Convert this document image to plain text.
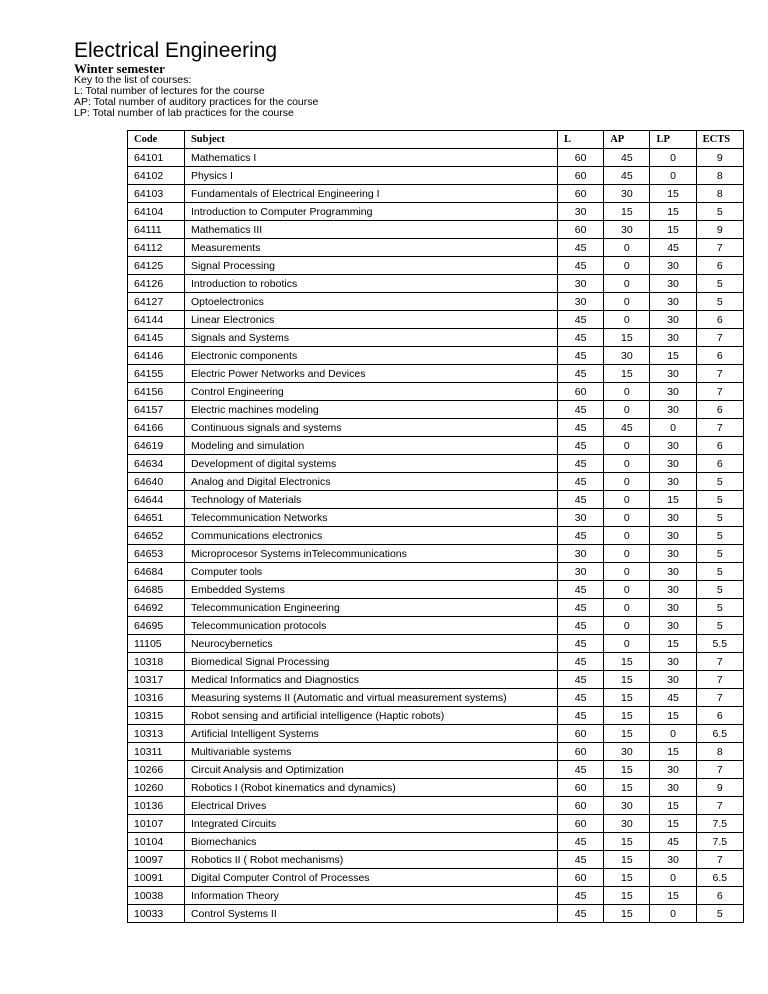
Electrical Engineering
Winter semester
Key to the list of courses:
L: Total number of lectures for the course
AP: Total number of auditory practices for the course
LP: Total number of lab practices for the course
Code	Subject	L	AP	LP	ECTS
64101	Mathematics I	60	45	0	9
64102	Physics I	60	45	0	8
64103	Fundamentals of Electrical Engineering I	60	30	15	8
64104	Introduction to Computer Programming	30	15	15	5
64111	Mathematics III	60	30	15	9
64112	Measurements	45	0	45	7
64125	Signal Processing	45	0	30	6
64126	Introduction to robotics	30	0	30	5
64127	Optoelectronics	30	0	30	5
64144	Linear Electronics	45	0	30	6
64145	Signals and Systems	45	15	30	7
64146	Electronic components	45	30	15	6
64155	Electric Power Networks and Devices	45	15	30	7
64156	Control Engineering	60	0	30	7
64157	Electric machines modeling	45	0	30	6
64166	Continuous signals and systems	45	45	0	7
64619	Modeling and simulation	45	0	30	6
64634	Development of digital systems	45	0	30	6
64640	Analog and Digital Electronics	45	0	30	5
64644	Technology of Materials	45	0	15	5
64651	Telecommunication Networks	30	0	30	5
64652	Communications electronics	45	0	30	5
64653	Microprocesor Systems inTelecommunications	30	0	30	5
64684	Computer tools	30	0	30	5
64685	Embedded Systems	45	0	30	5
64692	Telecommunication Engineering	45	0	30	5
64695	Telecommunication protocols	45	0	30	5
11105	Neurocybernetics	45	0	15	5.5
10318	Biomedical Signal Processing	45	15	30	7
10317	Medical Informatics and Diagnostics	45	15	30	7
10316	Measuring systems II (Automatic and virtual measurement systems)	45	15	45	7
10315	Robot sensing and artificial intelligence (Haptic robots)	45	15	15	6
10313	Artificial Intelligent Systems	60	15	0	6.5
10311	Multivariable systems	60	30	15	8
10266	Circuit Analysis and Optimization	45	15	30	7
10260	Robotics I (Robot kinematics and dynamics)	60	15	30	9
10136	Electrical Drives	60	30	15	7
10107	Integrated Circuits	60	30	15	7.5
10104	Biomechanics	45	15	45	7.5
10097	Robotics II ( Robot mechanisms)	45	15	30	7
10091	Digital Computer Control of Processes	60	15	0	6.5
10038	Information Theory	45	15	15	6
10033	Control Systems II	45	15	0	5
